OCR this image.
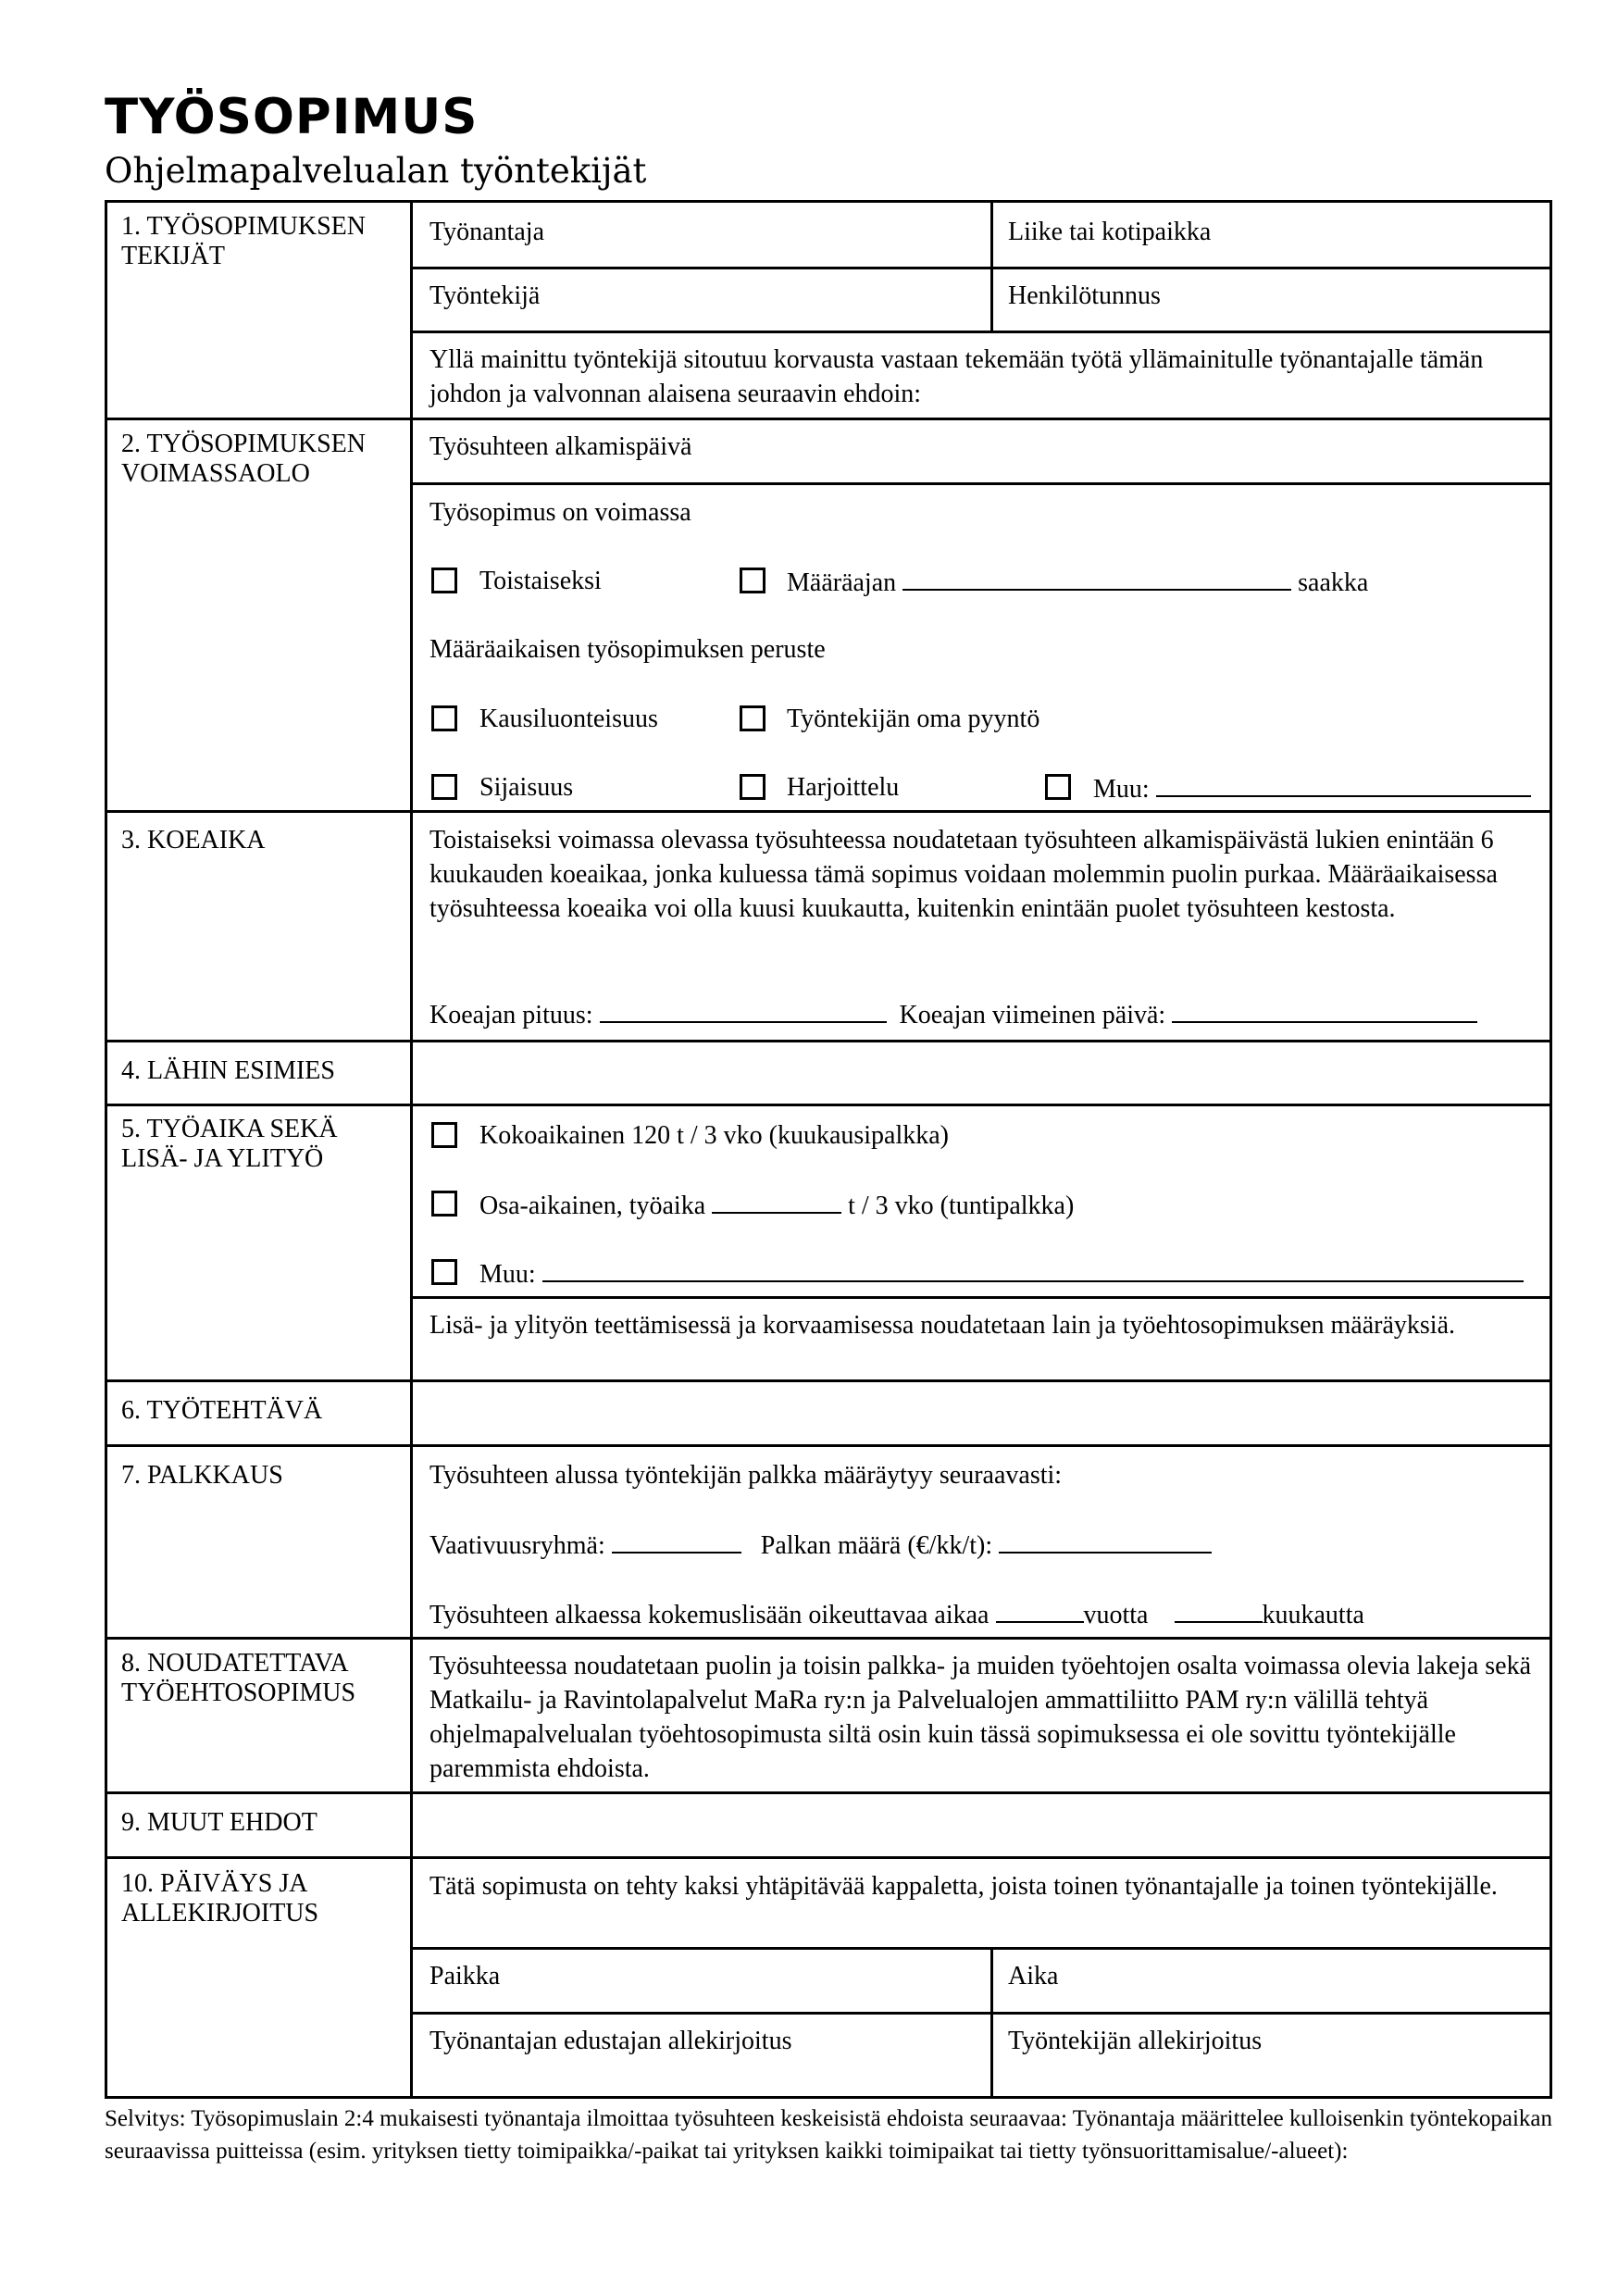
TYÖSOPIMUS
Ohjelmapalvelualan työntekijät
1. TYÖSOPIMUKSEN TEKIJÄT
Työnantaja	Liike tai kotipaikka
Työntekijä	Henkilötunnus
Yllä mainittu työntekijä sitoutuu korvausta vastaan tekemään työtä yllämainitulle työnantajalle tämän johdon ja valvonnan alaisena seuraavin ehdoin:
2. TYÖSOPIMUKSEN VOIMASSAOLO
Työsuhteen alkamispäivä
Työsopimus on voimassa
Toistaiseksi	Määräajan	saakka
Määräaikaisen työsopimuksen peruste
Kausiluonteisuus	Työntekijän oma pyyntö
Sijaisuus	Harjoittelu	Muu:
3. KOEAIKA	Toistaiseksi voimassa olevassa työsuhteessa noudatetaan työsuhteen alkamispäivästä lukien enintään 6 kuukauden koeaikaa, jonka kuluessa tämä sopimus voidaan molemmin puolin purkaa. Määräaikaisessa työsuhteessa koeaika voi olla kuusi kuukautta, kuitenkin enintään puolet työsuhteen kestosta.
Koeajan pituus:	Koeajan viimeinen päivä:
4. LÄHIN ESIMIES
5. TYÖAIKA SEKÄ LISÄ- JA YLITYÖ
Kokoaikainen 120 t / 3 vko (kuukausipalkka)
Osa-aikainen, työaika	t / 3 vko (tuntipalkka)
Muu:
Lisä- ja ylityön teettämisessä ja korvaamisessa noudatetaan lain ja työehtosopimuksen määräyksiä.
6. TYÖTEHTÄVÄ
7. PALKKAUS	Työsuhteen alussa työntekijän palkka määräytyy seuraavasti:
Vaativuusryhmä:	Palkan määrä (€/kk/t):
Työsuhteen alkaessa kokemuslisään oikeuttavaa aikaa	vuotta	kuukautta
8. NOUDATETTAVA TYÖEHTOSOPIMUS
Työsuhteessa noudatetaan puolin ja toisin palkka- ja muiden työehtojen osalta voimassa olevia lakeja sekä Matkailu- ja Ravintolapalvelut MaRa ry:n ja Palvelualojen ammattiliitto PAM ry:n välillä tehtyä ohjelmapalvelualan työehtosopimusta siltä osin kuin tässä sopimuksessa ei ole sovittu työntekijälle paremmista ehdoista.
9. MUUT EHDOT
10. PÄIVÄYS JA ALLEKIRJOITUS
Tätä sopimusta on tehty kaksi yhtäpitävää kappaletta, joista toinen työnantajalle ja toinen työntekijälle.
Paikka	Aika
Työnantajan edustajan allekirjoitus	Työntekijän allekirjoitus
Selvitys: Työsopimuslain 2:4 mukaisesti työnantaja ilmoittaa työsuhteen keskeisistä ehdoista seuraavaa: Työnantaja määrittelee kulloisenkin työntekopaikan seuraavissa puitteissa (esim. yrityksen tietty toimipaikka/-paikat tai yrityksen kaikki toimipaikat tai tietty työnsuorittamisalue/-alueet):
